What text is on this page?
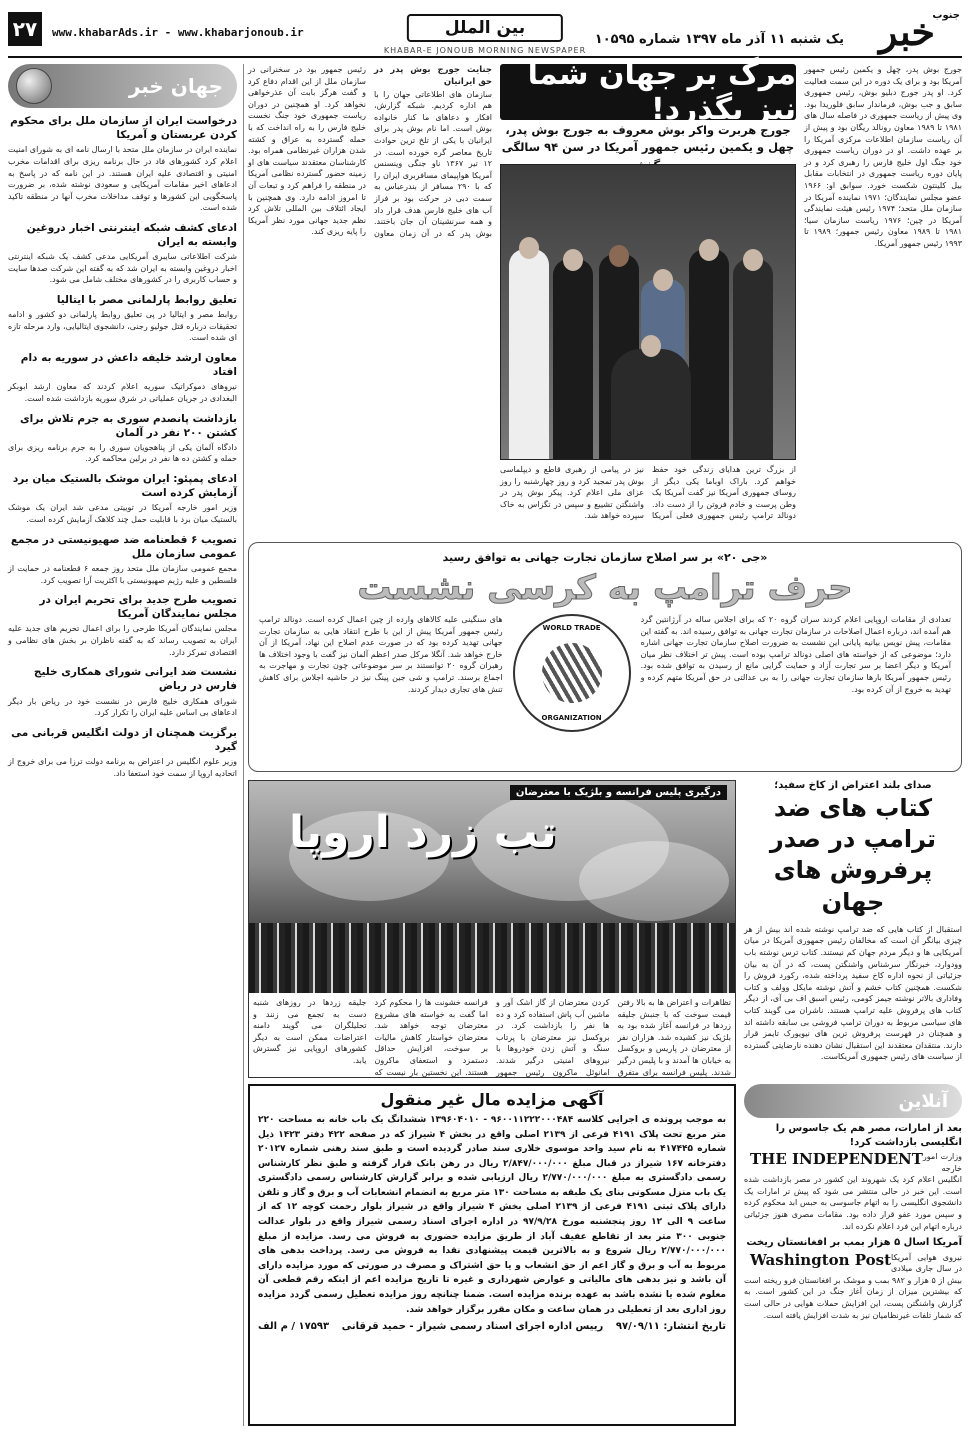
جنوب
خبر
یک شنبه ۱۱ آذر ماه ۱۳۹۷ شماره ۱۰۵۹۵
بین الملل
KHABAR-E JONOUB MORNING NEWSPAPER
۲۷	www.khabarAds.ir - www.khabarjonoub.ir
جهان خبر
درخواست ایران از سازمان ملل برای محکوم کردن عربستان و آمریکا

نماینده ایران در سازمان ملل متحد با ارسال نامه ای به شورای امنیت اعلام کرد کشورهای فاد در حال برنامه ریزی برای اقدامات مخرب امنیتی و اقتصادی علیه ایران هستند. در این نامه که در پاسخ به ادعاهای اخیر مقامات آمریکایی و سعودی نوشته شده، بر ضرورت پاسخگویی این کشورها و توقف مداخلات مخرب آنها در منطقه تاکید شده است.

ادعای کشف شبکه اینترنتی اخبار دروغین وابسته به ایران

شرکت اطلاعاتی سایبری آمریکایی مدعی کشف یک شبکه اینترنتی اخبار دروغین وابسته به ایران شد که به گفته این شرکت صدها سایت و حساب کاربری را در کشورهای مختلف شامل می شود.

تعلیق روابط پارلمانی مصر با ایتالیا

روابط مصر و ایتالیا در پی تعلیق روابط پارلمانی دو کشور و ادامه تحقیقات درباره قتل جولیو رجنی، دانشجوی ایتالیایی، وارد مرحله تازه ای شده است.

معاون ارشد خلیفه داعش در سوریه به دام افتاد

نیروهای دموکراتیک سوریه اعلام کردند که معاون ارشد ابوبکر البغدادی در جریان عملیاتی در شرق سوریه بازداشت شده است.

بازداشت پانصدم سوری به جرم تلاش برای کشتن ۲۰۰ نفر در آلمان

دادگاه آلمان یکی از پناهجویان سوری را به جرم برنامه ریزی برای حمله و کشتن ده ها نفر در برلین محاکمه کرد.

ادعای پمپئو: ایران موشک بالستیک میان برد آزمایش کرده است

وزیر امور خارجه آمریکا در توییتی مدعی شد ایران یک موشک بالستیک میان برد با قابلیت حمل چند کلاهک آزمایش کرده است.

تصویب ۶ قطعنامه ضد صهیونیستی در مجمع عمومی سازمان ملل

مجمع عمومی سازمان ملل متحد روز جمعه ۶ قطعنامه در حمایت از فلسطین و علیه رژیم صهیونیستی با اکثریت آرا تصویب کرد.

تصویب طرح جدید برای تحریم ایران در مجلس نمایندگان آمریکا

مجلس نمایندگان آمریکا طرحی را برای اعمال تحریم های جدید علیه ایران به تصویب رساند که به گفته ناظران بر بخش های نظامی و اقتصادی تمرکز دارد.

نشست ضد ایرانی شورای همکاری خلیج فارس در ریاض

شورای همکاری خلیج فارس در نشست خود در ریاض بار دیگر ادعاهای بی اساس علیه ایران را تکرار کرد.

برگزیت همچنان از دولت انگلیس قربانی می گیرد

وزیر علوم انگلیس در اعتراض به برنامه دولت ترزا می برای خروج از اتحادیه اروپا از سمت خود استعفا داد.

جورج بوش پدر، چهل و یکمین رئیس جمهور آمریکا بود و برای یک دوره در این سمت فعالیت کرد. او پدر جورج دبلیو بوش، رئیس جمهوری سابق و جب بوش، فرماندار سابق فلوریدا بود. وی پیش از ریاست جمهوری در فاصله سال های ۱۹۸۱ تا ۱۹۸۹ معاون رونالد ریگان بود و پیش از آن ریاست سازمان اطلاعات مرکزی آمریکا را بر عهده داشت. او در دوران ریاست جمهوری خود جنگ اول خلیج فارس را رهبری کرد و در پایان دوره ریاست جمهوری در انتخابات مقابل بیل کلینتون شکست خورد. سوابق او: ۱۹۶۶ عضو مجلس نمایندگان؛ ۱۹۷۱ نماینده آمریکا در سازمان ملل متحد؛ ۱۹۷۴ رئیس هیئت نمایندگی آمریکا در چین؛ ۱۹۷۶ ریاست سازمان سیا؛ ۱۹۸۱ تا ۱۹۸۹ معاون رئیس جمهور؛ ۱۹۸۹ تا ۱۹۹۳ رئیس جمهور آمریکا.
مرگ بر جهان شما نیز بگذرد!
جورج هربرت واکر بوش معروف به جورج بوش پدر، چهل و یکمین رئیس جمهور آمریکا در سن ۹۴ سالگی
از بزرگ ترین هدایای زندگی خود حفظ خواهم کرد. باراک اوباما یکی دیگر از روسای جمهوری آمریکا نیز گفت آمریکا یک وطن پرست و خادم فروتن را از دست داد. دونالد ترامپ رئیس جمهوری فعلی آمریکا نیز در پیامی از رهبری قاطع و دیپلماسی بوش پدر تمجید کرد و روز چهارشنبه را روز عزای ملی اعلام کرد. پیکر بوش پدر در واشنگتن تشییع و سپس در تگزاس به خاک سپرده خواهد شد.
جنایت جورج بوش پدر در حق ایرانیان
سازمان های اطلاعاتی جهان را با هم اداره کردیم. شبکه گزارش، افکار و دعاهای ما کنار خانواده بوش است. اما نام بوش پدر برای ایرانیان با یکی از تلخ ترین حوادث تاریخ معاصر گره خورده است. در ۱۲ تیر ۱۳۶۷ ناو جنگی وینسنس آمریکا هواپیمای مسافربری ایران را که با ۲۹۰ مسافر از بندرعباس به سمت دبی در حرکت بود بر فراز آب های خلیج فارس هدف قرار داد و همه سرنشینان آن جان باختند. بوش پدر که در آن زمان معاون رئیس جمهور بود در سخنرانی در سازمان ملل از این اقدام دفاع کرد و گفت هرگز بابت آن عذرخواهی نخواهد کرد. او همچنین در دوران ریاست جمهوری خود جنگ نخست خلیج فارس را به راه انداخت که با حمله گسترده به عراق و کشته شدن هزاران غیرنظامی همراه بود. کارشناسان معتقدند سیاست های او زمینه حضور گسترده نظامی آمریکا در منطقه را فراهم کرد و تبعات آن تا امروز ادامه دارد. وی همچنین با ایجاد ائتلاف بین المللی تلاش کرد نظم جدید جهانی مورد نظر آمریکا را پایه ریزی کند.
«جی ۲۰» بر سر اصلاح سازمان تجارت جهانی به توافق رسید
حرف ترامپ به کرسی نشست
تعدادی از مقامات اروپایی اعلام کردند سران گروه ۲۰ که برای اجلاس ساله در آرژانتین گرد هم آمده اند، درباره اعمال اصلاحات در سازمان تجارت جهانی به توافق رسیده اند. به گفته این مقامات، پیش نویس بیانیه پایانی این نشست به ضرورت اصلاح سازمان تجارت جهانی اشاره دارد؛ موضوعی که از خواسته های اصلی دونالد ترامپ بوده است. پیش تر اختلاف نظر میان آمریکا و دیگر اعضا بر سر تجارت آزاد و حمایت گرایی مانع از رسیدن به توافق شده بود. رئیس جمهور آمریکا بارها سازمان تجارت جهانی را به بی عدالتی در حق آمریکا متهم کرده و تهدید به خروج از آن کرده بود.
WORLD TRADE
ORGANIZATION
های سنگینی علیه کالاهای وارده از چین اعمال کرده است. دونالد ترامپ رئیس جمهور آمریکا پیش از این با طرح انتقاد هایی به سازمان تجارت جهانی تهدید کرده بود که در صورت عدم اصلاح این نهاد، آمریکا از آن خارج خواهد شد. آنگلا مرکل صدر اعظم آلمان نیز گفت با وجود اختلاف ها رهبران گروه ۲۰ توانستند بر سر موضوعاتی چون تجارت و مهاجرت به اجماع برسند. ترامپ و شی جین پینگ نیز در حاشیه اجلاس برای کاهش تنش های تجاری دیدار کردند.
درگیری پلیس فرانسه و بلژیک با معترضان
تب زرد اروپا
تظاهرات و اعتراض ها به بالا رفتن قیمت سوخت که با جنبش جلیقه زردها در فرانسه آغاز شده بود به بلژیک نیز کشیده شد. هزاران نفر از معترضان در پاریس و بروکسل به خیابان ها آمدند و با پلیس درگیر شدند. پلیس فرانسه برای متفرق کردن معترضان از گاز اشک آور و ماشین آب پاش استفاده کرد و ده ها نفر را بازداشت کرد. در بروکسل نیز معترضان با پرتاب سنگ و آتش زدن خودروها با نیروهای امنیتی درگیر شدند. امانوئل ماکرون رئیس جمهور فرانسه خشونت ها را محکوم کرد اما گفت به خواسته های مشروع معترضان توجه خواهد شد. معترضان خواستار کاهش مالیات بر سوخت، افزایش حداقل دستمزد و استعفای ماکرون هستند. این نخستین بار نیست که جلیقه زردها در روزهای شنبه دست به تجمع می زنند و تحلیلگران می گویند دامنه اعتراضات ممکن است به دیگر کشورهای اروپایی نیز گسترش یابد.
صدای بلند اعتراض از کاخ سفید؛
کتاب های ضد ترامپ در صدر پرفروش های جهان

استقبال از کتاب هایی که ضد ترامپ نوشته شده اند بیش از هر چیزی بیانگر آن است که مخالفان رئیس جمهوری آمریکا در میان آمریکایی ها و دیگر مردم جهان کم نیستند. کتاب ترس نوشته باب وودوارد، خبرنگار سرشناس واشنگتن پست، که در آن به بیان جزئیاتی از نحوه اداره کاخ سفید پرداخته شده، رکورد فروش را شکست. همچنین کتاب خشم و آتش نوشته مایکل وولف و کتاب وفاداری بالاتر نوشته جیمز کومی، رئیس اسبق اف بی آی، از دیگر کتاب های پرفروش علیه ترامپ هستند. ناشران می گویند کتاب های سیاسی مربوط به دوران ترامپ فروشی بی سابقه داشته اند و همچنان در فهرست پرفروش ترین های نیویورک تایمز قرار دارند. منتقدان معتقدند این استقبال نشان دهنده نارضایتی گسترده از سیاست های رئیس جمهوری آمریکاست.

آگهی مزایده مال غیر منقول

به موجب پرونده ی اجرایی کلاسه ۹۶۰۰۱۱۲۲۲۰۰۰۴۸۴ - ۱۳۹۶۰۴۰۱۰ ششدانگ یک باب خانه به مساحت ۲۲۰ متر مربع تحت پلاک ۴۱۹۱ فرعی از ۲۱۳۹ اصلی واقع در بخش ۴ شیراز که در صفحه ۴۲۲ دفتر ۱۴۲۳ ذیل شماره ۴۱۷۴۴۵ به نام سید واحد موسوی خلاری سند صادر گردیده است و طبق سند رهنی شماره ۲۰۱۲۷ دفترخانه ۱۶۷ شیراز در قبال مبلغ ۲/۸۴۷/۰۰۰/۰۰۰ ریال در رهن بانک قرار گرفته و طبق نظر کارشناس رسمی دادگستری به مبلغ ۲/۷۷۰/۰۰۰/۰۰۰ ریال ارزیابی شده و برابر گزارش کارشناس رسمی دادگستری یک باب منزل مسکونی بنای یک طبقه به مساحت ۱۳۰ متر مربع به انضمام انشعابات آب و برق و گاز و تلفن دارای پلاک ثبتی ۴۱۹۱ فرعی از ۲۱۳۹ اصلی بخش ۴ شیراز واقع در شیراز بلوار رحمت کوچه ۱۲ که از ساعت ۹ الی ۱۲ روز پنجشنبه مورخ ۹۷/۹/۲۸ در اداره اجرای اسناد رسمی شیراز واقع در بلوار عدالت جنوبی ۳۰۰ متر بعد از تقاطع عفیف آباد از طریق مزایده حضوری به فروش می رسد. مزایده از مبلغ ۲/۷۷۰/۰۰۰/۰۰۰ ریال شروع و به بالاترین قیمت پیشنهادی نقدا به فروش می رسد. پرداخت بدهی های مربوط به آب و برق و گاز اعم از حق انشعاب و یا حق اشتراک و مصرف در صورتی که مورد مزایده دارای آن باشد و نیز بدهی های مالیاتی و عوارض شهرداری و غیره تا تاریخ مزایده اعم از اینکه رقم قطعی آن معلوم شده یا نشده باشد به عهده برنده مزایده است. ضمنا چنانچه روز مزایده تعطیل رسمی گردد مزایده روز اداری بعد از تعطیلی در همان ساعت و مکان مقرر برگزار خواهد شد.

تاریخ انتشار: ۹۷/۰۹/۱۱
رییس اداره اجرای اسناد رسمی شیراز - حمید قرقانی
۱۷۵۹۳ / م الف
آنلاین
بعد از امارات، مصر هم یک جاسوس را انگلیسی بازداشت کرد!
THE INDEPENDENT وزارت امور خارجه انگلیس اعلام کرد یک شهروند این کشور در مصر بازداشت شده است. این خبر در حالی منتشر می شود که پیش تر امارات یک دانشجوی انگلیسی را به اتهام جاسوسی به حبس ابد محکوم کرده و سپس مورد عفو قرار داده بود. مقامات مصری هنوز جزئیاتی درباره اتهام این فرد اعلام نکرده اند.

آمریکا اسال ۵ هزار بمب بر افغانستان ریخت
Washington Post نیروی هوایی آمریکا در سال جاری میلادی بیش از ۵ هزار و ۹۸۲ بمب و موشک بر افغانستان فرو ریخته است که بیشترین میزان از زمان آغاز جنگ در این کشور است. به گزارش واشنگتن پست، این افزایش حملات هوایی در حالی است که شمار تلفات غیرنظامیان نیز به شدت افزایش یافته است.
